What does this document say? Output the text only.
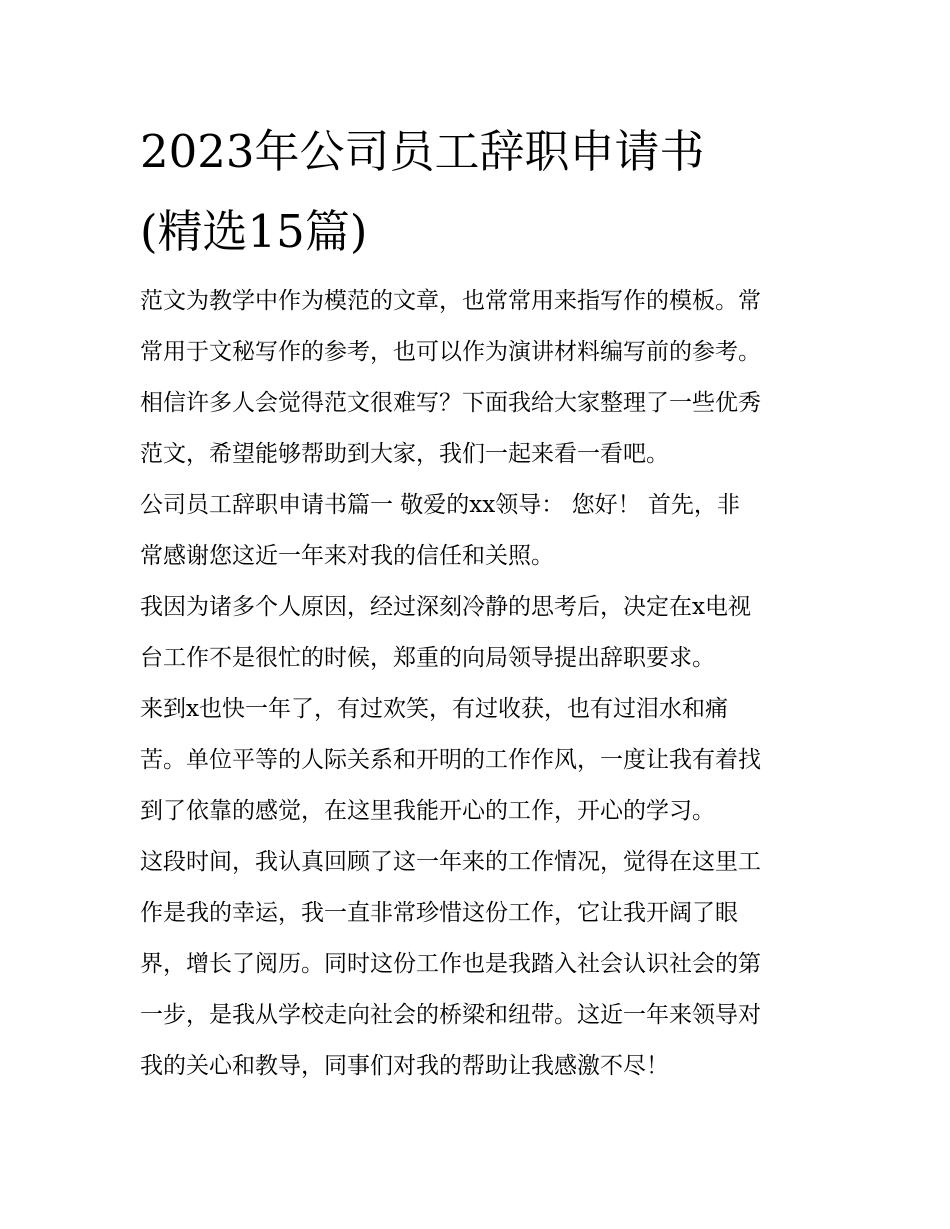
2023年公司员工辞职申请书
(精选15篇)
范文为教学中作为模范的文章，也常常用来指写作的模板。常
常用于文秘写作的参考，也可以作为演讲材料编写前的参考。
相信许多人会觉得范文很难写？下面我给大家整理了一些优秀
范文，希望能够帮助到大家，我们一起来看一看吧。
公司员工辞职申请书篇一 敬爱的xx领导： 您好！ 首先，非
常感谢您这近一年来对我的信任和关照。
我因为诸多个人原因，经过深刻冷静的思考后，决定在x电视
台工作不是很忙的时候，郑重的向局领导提出辞职要求。
来到x也快一年了，有过欢笑，有过收获，也有过泪水和痛
苦。单位平等的人际关系和开明的工作作风，一度让我有着找
到了依靠的感觉，在这里我能开心的工作，开心的学习。
这段时间，我认真回顾了这一年来的工作情况，觉得在这里工
作是我的幸运，我一直非常珍惜这份工作，它让我开阔了眼
界，增长了阅历。同时这份工作也是我踏入社会认识社会的第
一步，是我从学校走向社会的桥梁和纽带。这近一年来领导对
我的关心和教导，同事们对我的帮助让我感激不尽！
